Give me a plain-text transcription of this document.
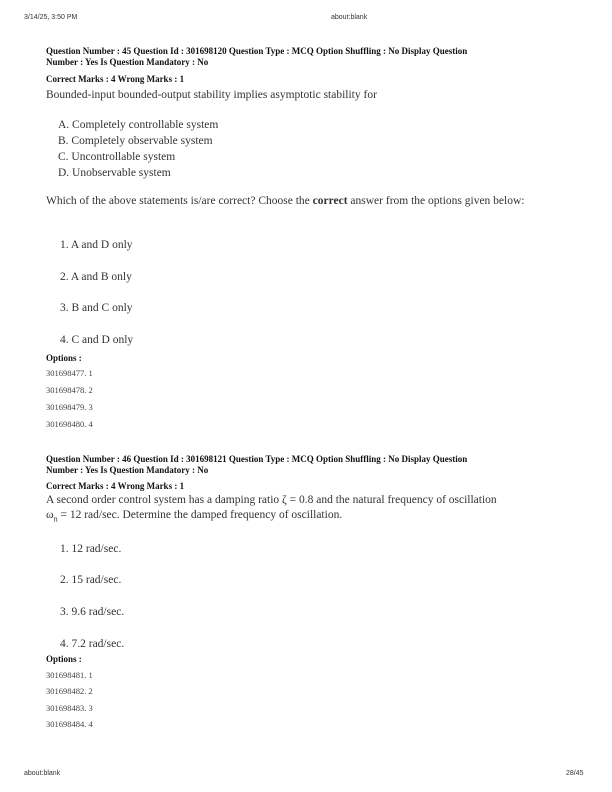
3/14/25, 3:50 PM	about:blank
Question Number : 45 Question Id : 301698120 Question Type : MCQ Option Shuffling : No Display Question
Number : Yes Is Question Mandatory : No
Correct Marks : 4 Wrong Marks : 1
Bounded-input bounded-output stability implies asymptotic stability for
A. Completely controllable system
B. Completely observable system
C. Uncontrollable system
D. Unobservable system
Which of the above statements is/are correct? Choose the correct answer from the options given below:
1. A and D only
2. A and B only
3. B and C only
4. C and D only
Options :
301698477. 1
301698478. 2
301698479. 3
301698480. 4
Question Number : 46 Question Id : 301698121 Question Type : MCQ Option Shuffling : No Display Question
Number : Yes Is Question Mandatory : No
Correct Marks : 4 Wrong Marks : 1
A second order control system has a damping ratio ζ = 0.8 and the natural frequency of oscillation
$\omega_n = 12$ rad/sec. Determine the damped frequency of oscillation.
1. 12 rad/sec.
2. 15 rad/sec.
3. 9.6 rad/sec.
4. 7.2 rad/sec.
Options :
301698481. 1
301698482. 2
301698483. 3
301698484. 4
about:blank	28/45
